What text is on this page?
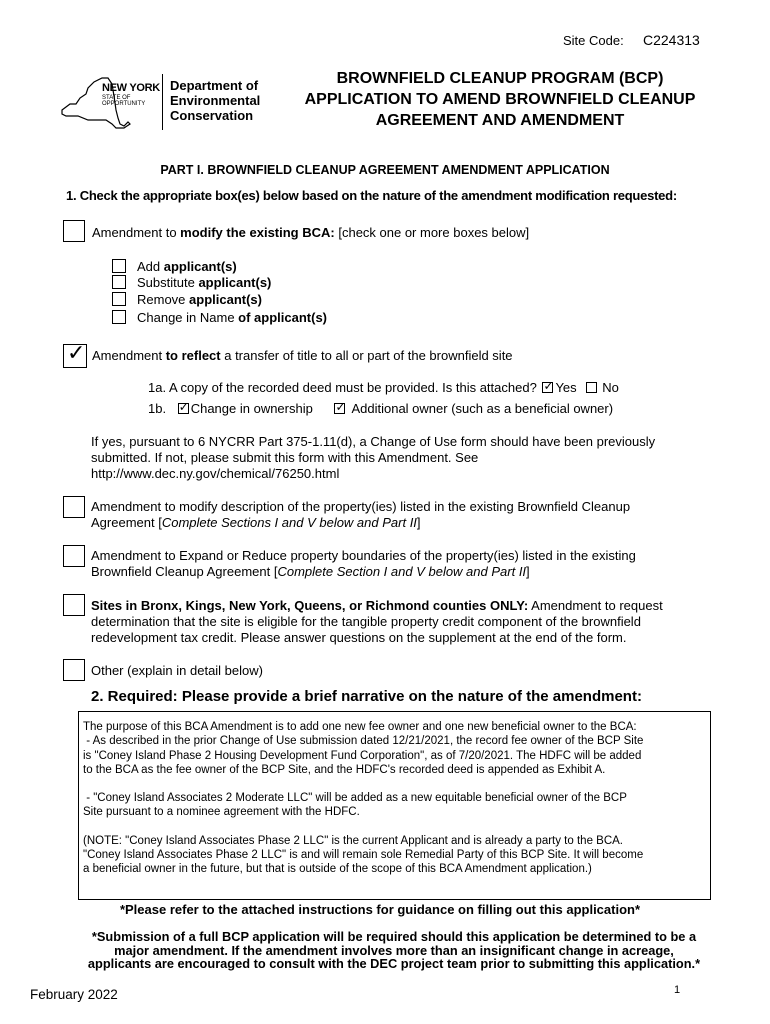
Site Code: C224313
NEW YORK
STATE OF
OPPORTUNITY
Department of
Environmental
Conservation
BROWNFIELD CLEANUP PROGRAM (BCP)
APPLICATION TO AMEND BROWNFIELD CLEANUP
AGREEMENT AND AMENDMENT
PART I. BROWNFIELD CLEANUP AGREEMENT AMENDMENT APPLICATION
1. Check the appropriate box(es) below based on the nature of the amendment modification requested:
Amendment to modify the existing BCA: [check one or more boxes below]
Add applicant(s)
Substitute applicant(s)
Remove applicant(s)
Change in Name of applicant(s)
✓ Amendment to reflect a transfer of title to all or part of the brownfield site
1a. A copy of the recorded deed must be provided. Is this attached? ✓ Yes No
1b. ✓ Change in ownership ✓	Additional owner (such as a beneficial owner)
If yes, pursuant to 6 NYCRR Part 375-1.11(d), a Change of Use form should have been previously
submitted. If not, please submit this form with this Amendment. See
http://www.dec.ny.gov/chemical/76250.html
Amendment to modify description of the property(ies) listed in the existing Brownfield Cleanup
Agreement [Complete Sections I and V below and Part II]
Amendment to Expand or Reduce property boundaries of the property(ies) listed in the existing
Brownfield Cleanup Agreement [Complete Section I and V below and Part II]
Sites in Bronx, Kings, New York, Queens, or Richmond counties ONLY: Amendment to request
determination that the site is eligible for the tangible property credit component of the brownfield
redevelopment tax credit. Please answer questions on the supplement at the end of the form.
Other (explain in detail below)
2. Required: Please provide a brief narrative on the nature of the amendment:

The purpose of this BCA Amendment is to add one new fee owner and one new beneficial owner to the BCA:

- As described in the prior Change of Use submission dated 12/21/2021, the record fee owner of the BCP Site

is "Coney Island Phase 2 Housing Development Fund Corporation", as of 7/20/2021. The HDFC will be added

to the BCA as the fee owner of the BCP Site, and the HDFC's recorded deed is appended as Exhibit A.

- "Coney Island Associates 2 Moderate LLC" will be added as a new equitable beneficial owner of the BCP

Site pursuant to a nominee agreement with the HDFC.

(NOTE: "Coney Island Associates Phase 2 LLC" is the current Applicant and is already a party to the BCA.

"Coney Island Associates Phase 2 LLC" is and will remain sole Remedial Party of this BCP Site. It will become

a beneficial owner in the future, but that is outside of the scope of this BCA Amendment application.)

*Please refer to the attached instructions for guidance on filling out this application*
*Submission of a full BCP application will be required should this application be determined to be a
major amendment. If the amendment involves more than an insignificant change in acreage,
applicants are encouraged to consult with the DEC project team prior to submitting this application.*
February 2022	1
